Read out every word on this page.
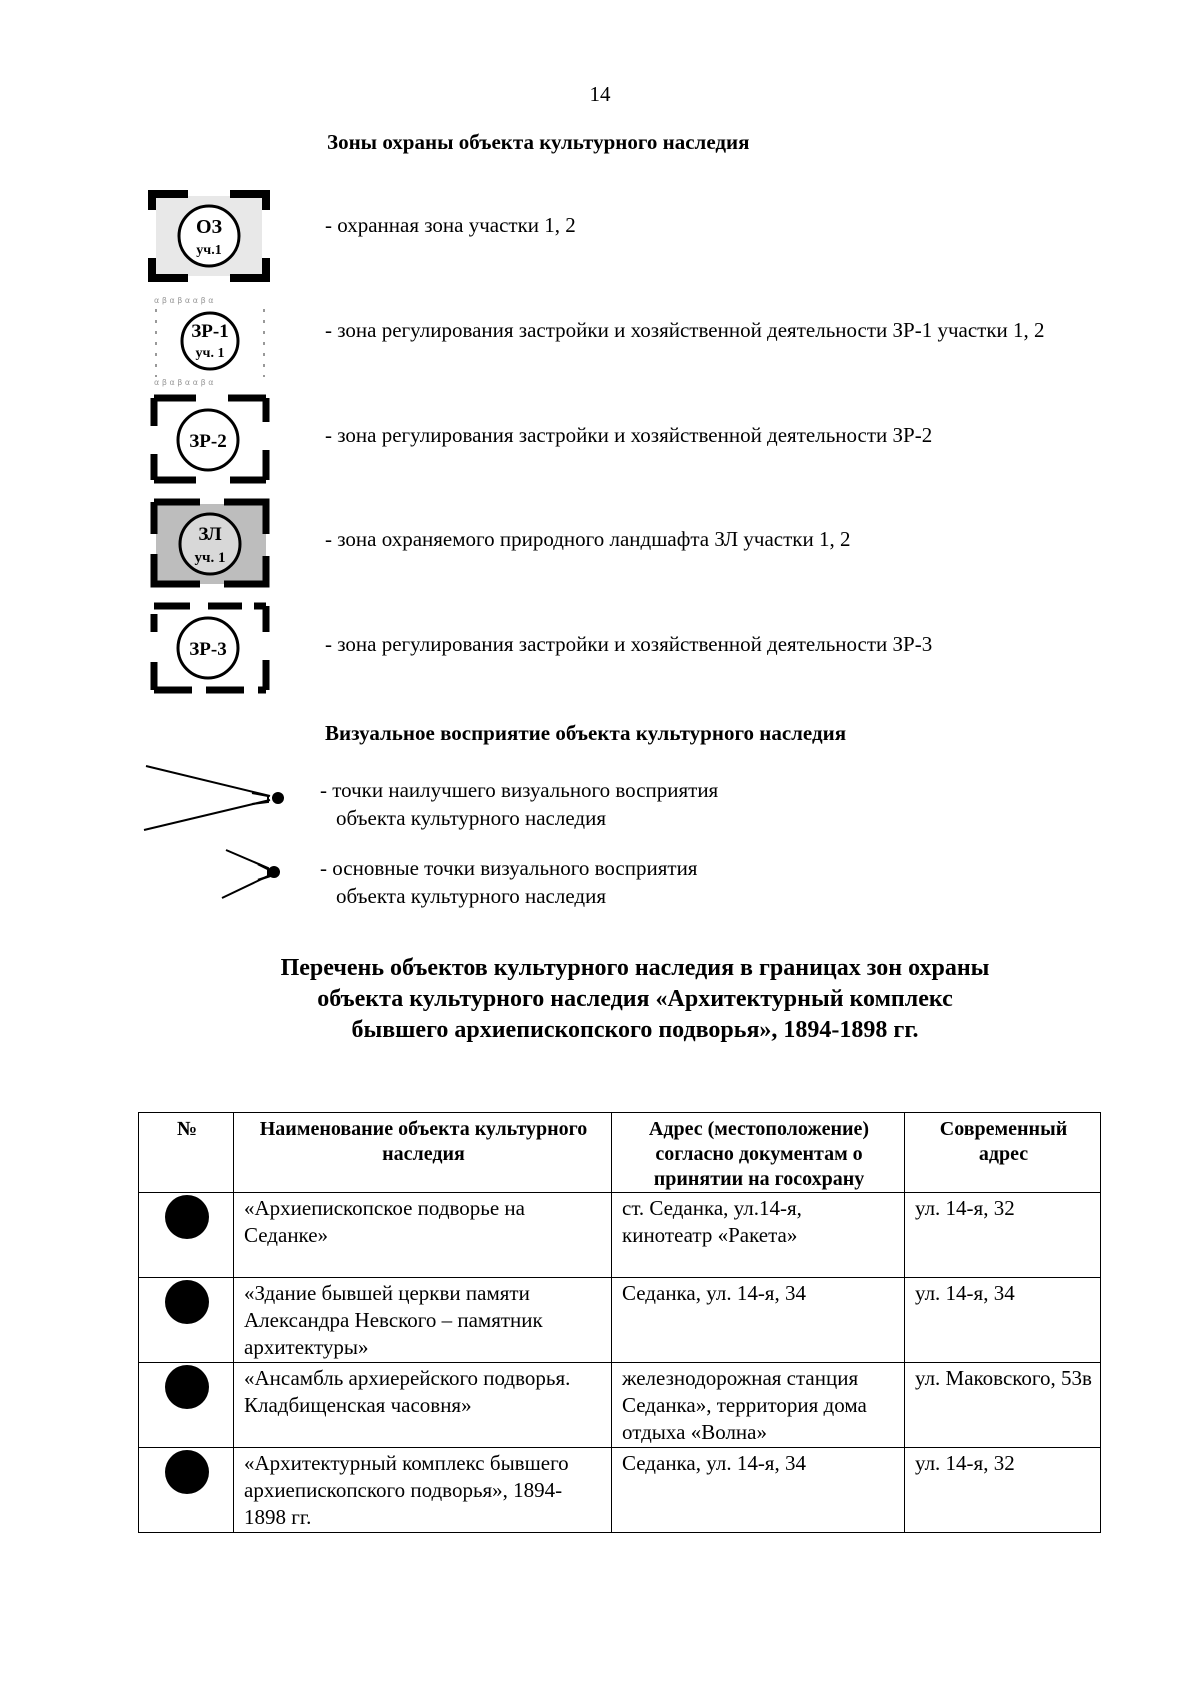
14
Зоны охраны объекта культурного наследия
ОЗ
уч.1
- охранная зона участки 1, 2
α β α β α α β α
α β α β α α β α
ЗР-1
уч. 1
- зона регулирования застройки и хозяйственной деятельности ЗР-1 участки 1, 2
ЗР-2	- зона регулирования застройки и хозяйственной деятельности ЗР-2
ЗЛ
уч. 1
- зона охраняемого природного ландшафта ЗЛ участки 1, 2
ЗР-3	- зона регулирования застройки и хозяйственной деятельности ЗР-3
Визуальное восприятие объекта культурного наследия
- точки наилучшего визуального восприятия
объекта культурного наследия
- основные точки визуального восприятия
объекта культурного наследия
Перечень объектов культурного наследия в границах зон охраны
объекта культурного наследия «Архитектурный комплекс
бывшего архиепископского подворья», 1894-1898 гг.
№	Наименование объекта культурного наследия	Адрес (местоположение) согласно документам о принятии на госохрану	Современный адрес
	«Архиепископское подворье на Седанке»	ст. Седанка, ул.14-я, кинотеатр «Ракета»	ул. 14-я, 32
	«Здание бывшей церкви памяти Александра Невского – памятник архитектуры»	Седанка, ул. 14-я, 34	ул. 14-я, 34
	«Ансамбль архиерейского подворья. Кладбищенская часовня»	железнодорожная станция Седанка», территория дома отдыха «Волна»	ул. Маковского, 53в
	«Архитектурный комплекс бывшего архиепископского подворья», 1894-1898 гг.	Седанка, ул. 14-я, 34	ул. 14-я, 32
